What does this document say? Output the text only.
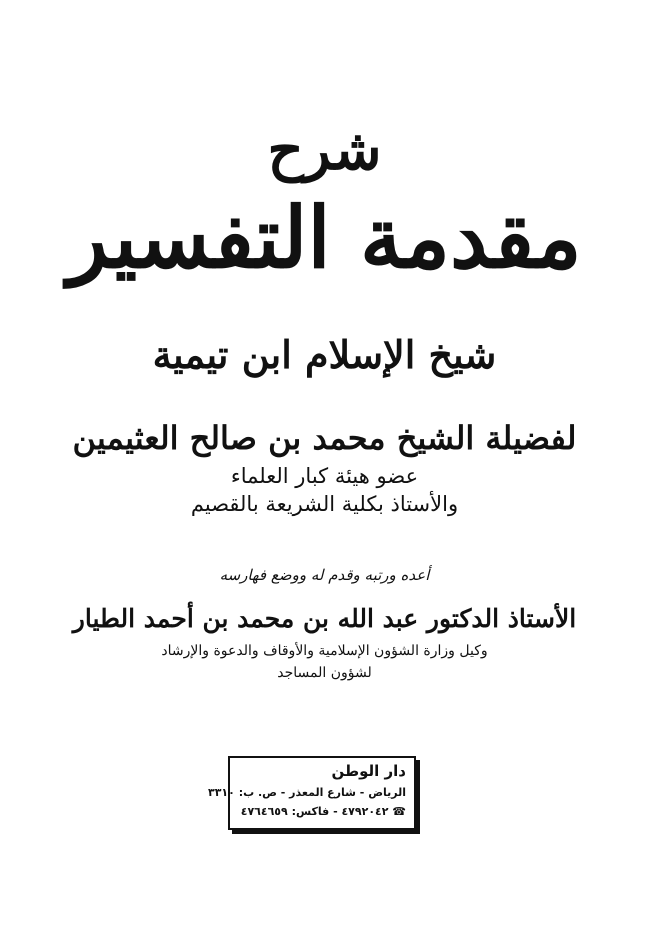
شرح
مقدمة التفسير
شيخ الإسلام ابن تيمية
لفضيلة الشيخ محمد بن صالح العثيمين
عضو هيئة كبار العلماء
والأستاذ بكلية الشريعة بالقصيم
أعده ورتبه وقدم له ووضع فهارسه
الأستاذ الدكتور عبد الله بن محمد بن أحمد الطيار
وكيل وزارة الشؤون الإسلامية والأوقاف والدعوة والإرشاد
لشؤون المساجد
دار الوطن
الرياض - شارع المعذر - ص. ب: ٣٣١٠
☎ ٤٧٩٢٠٤٢ - فاكس: ٤٧٦٤٦٥٩
